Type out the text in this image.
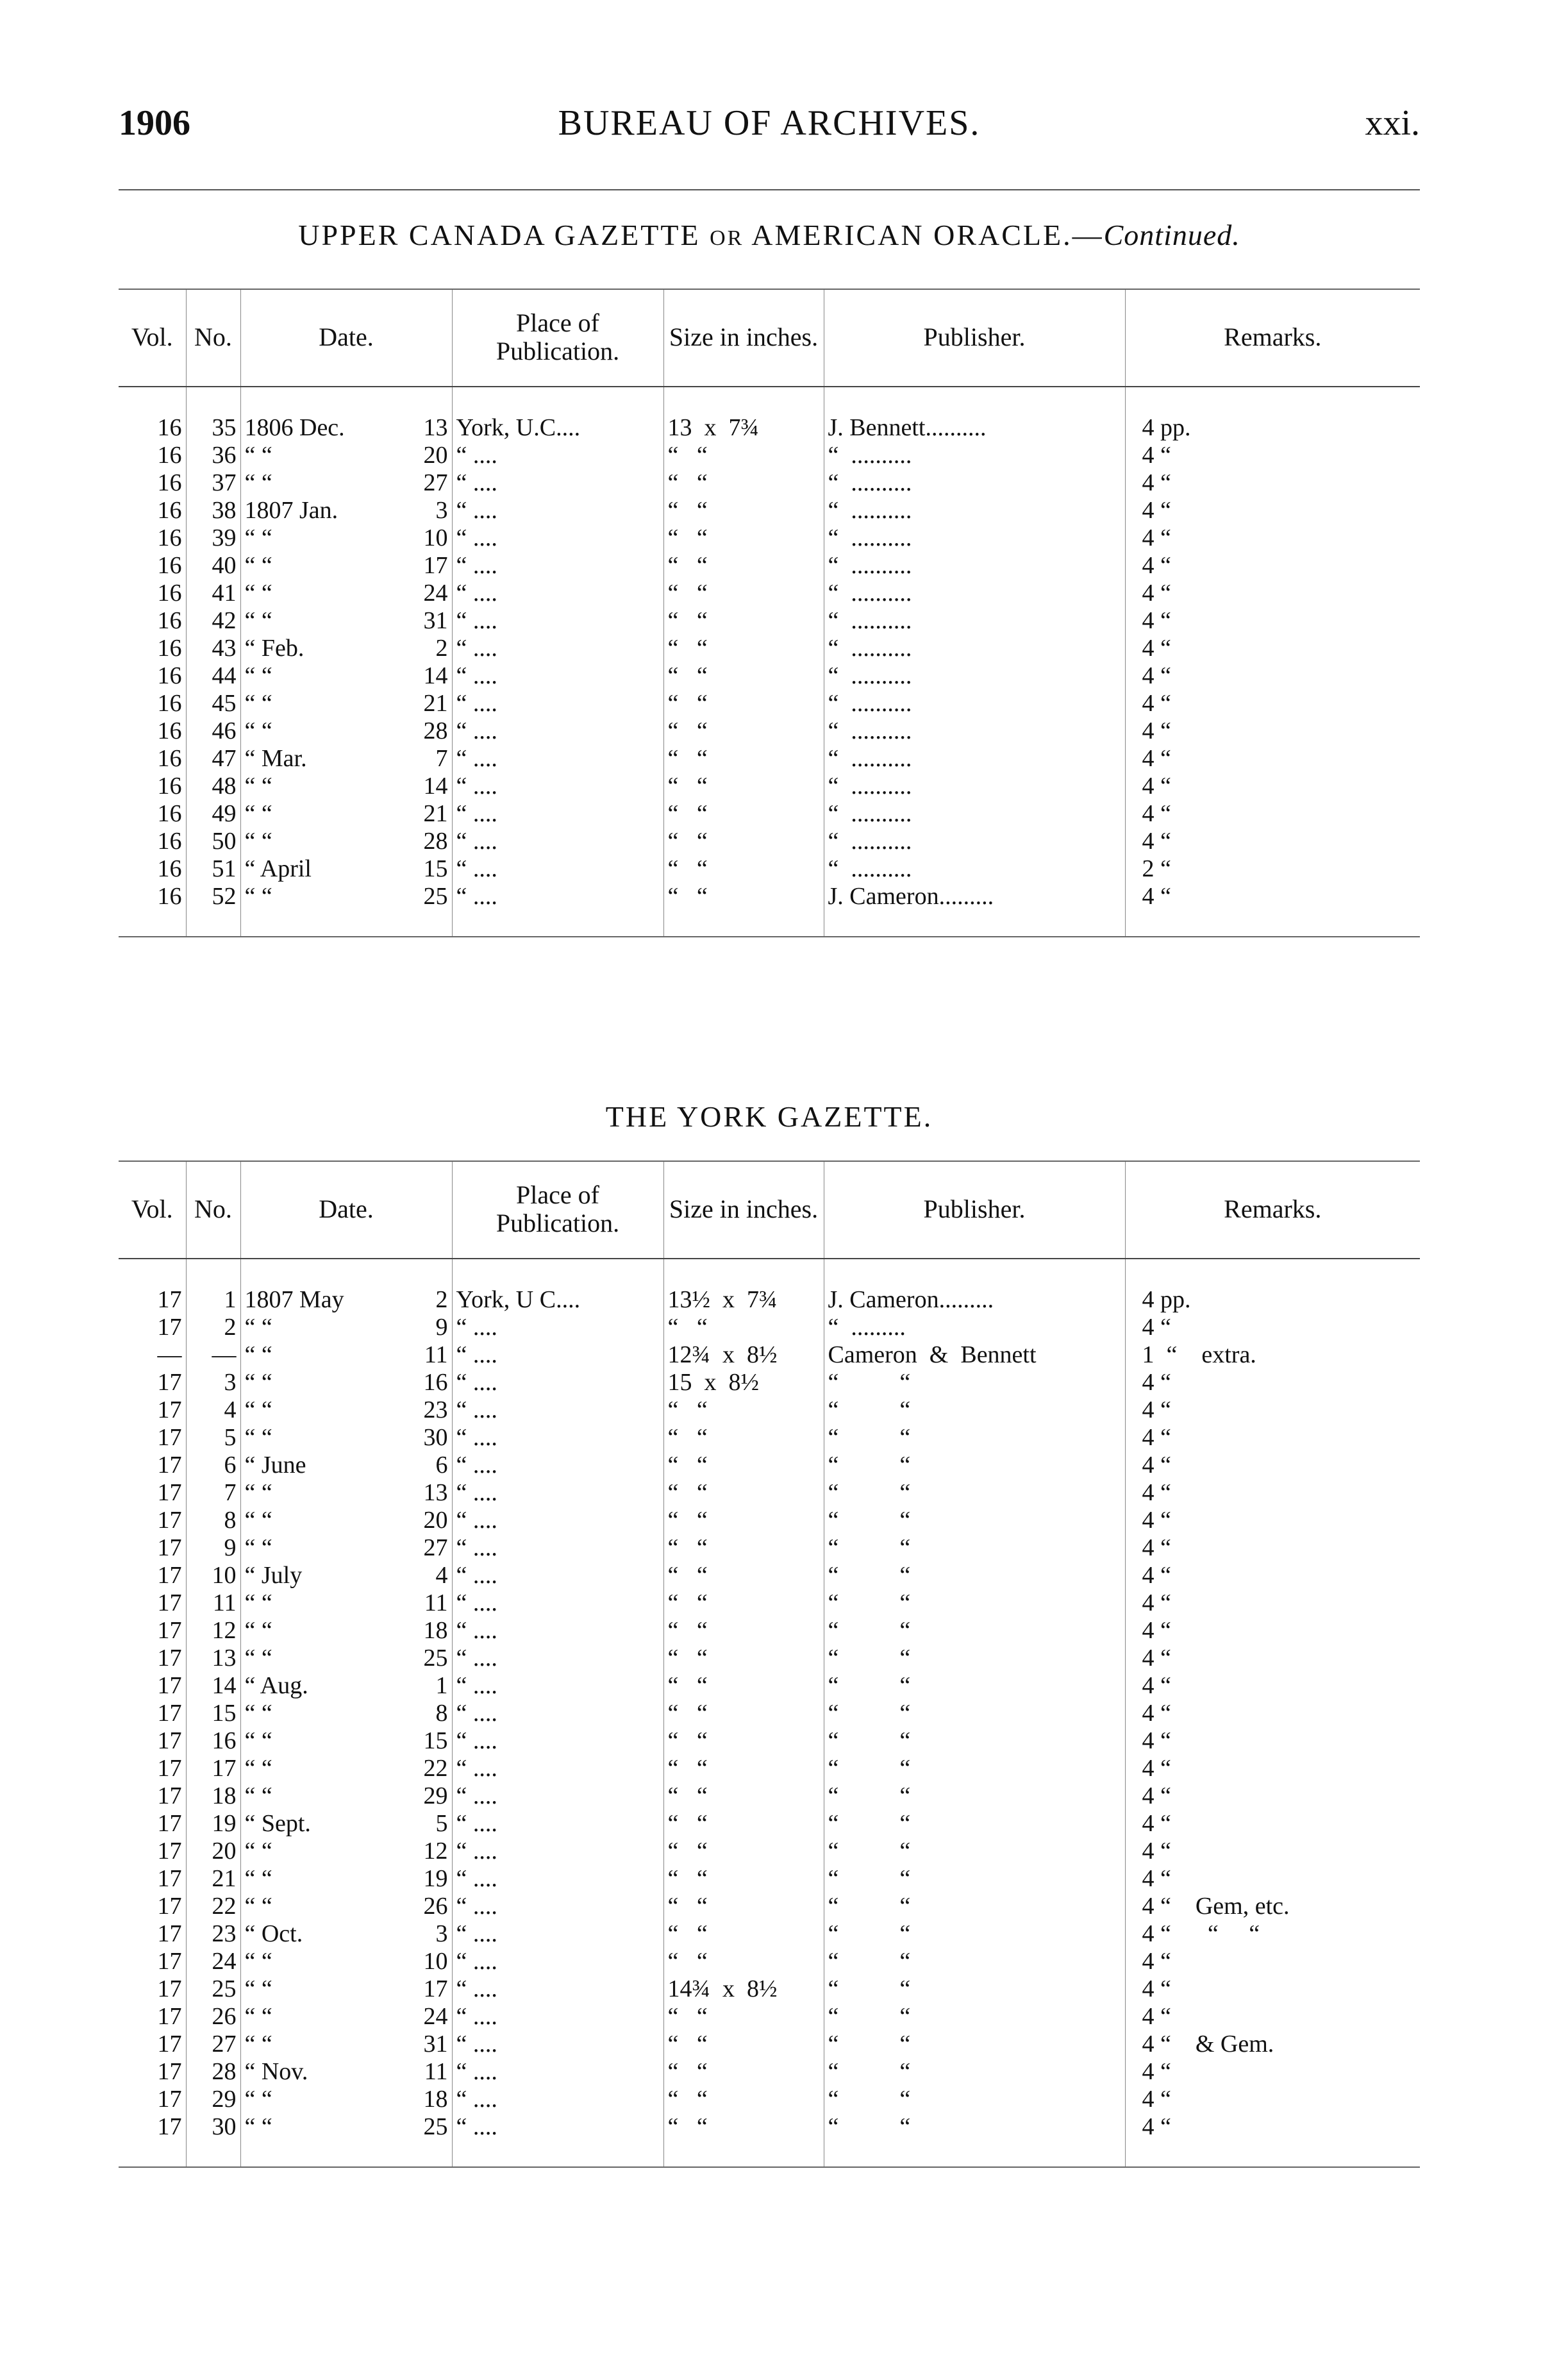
1906	BUREAU OF ARCHIVES.	xxi.
UPPER CANADA GAZETTE OR AMERICAN ORACLE.—Continued.
Vol.	No.	Date.	Place of Publication.	Size in inches.	Publisher.	Remarks.
16	35	1806 Dec. 13	York, U.C....	13  x  7¾	J. Bennett..........	4 pp.
16	36	“ “ 20	“ ....	“   “	“  ..........	4 “
16	37	“ “ 27	“ ....	“   “	“  ..........	4 “
16	38	1807 Jan. 3	“ ....	“   “	“  ..........	4 “
16	39	“ “ 10	“ ....	“   “	“  ..........	4 “
16	40	“ “ 17	“ ....	“   “	“  ..........	4 “
16	41	“ “ 24	“ ....	“   “	“  ..........	4 “
16	42	“ “ 31	“ ....	“   “	“  ..........	4 “
16	43	“ Feb. 2	“ ....	“   “	“  ..........	4 “
16	44	“ “ 14	“ ....	“   “	“  ..........	4 “
16	45	“ “ 21	“ ....	“   “	“  ..........	4 “
16	46	“ “ 28	“ ....	“   “	“  ..........	4 “
16	47	“ Mar. 7	“ ....	“   “	“  ..........	4 “
16	48	“ “ 14	“ ....	“   “	“  ..........	4 “
16	49	“ “ 21	“ ....	“   “	“  ..........	4 “
16	50	“ “ 28	“ ....	“   “	“  ..........	4 “
16	51	“ April 15	“ ....	“   “	“  ..........	2 “
16	52	“ “ 25	“ ....	“   “	J. Cameron.........	4 “
THE YORK GAZETTE.
Vol.	No.	Date.	Place of Publication.	Size in inches.	Publisher.	Remarks.
17	1	1807 May 2	York, U C....	13½  x  7¾	J. Cameron.........	4 pp.
17	2	“ “ 9	“ ....	“   “	“  .........	4 “
—	—	“ “ 11	“ ....	12¾  x  8½	Cameron  &  Bennett	1  “    extra.
17	3	“ “ 16	“ ....	15  x  8½	“          “	4 “
17	4	“ “ 23	“ ....	“   “	“          “	4 “
17	5	“ “ 30	“ ....	“   “	“          “	4 “
17	6	“ June 6	“ ....	“   “	“          “	4 “
17	7	“ “ 13	“ ....	“   “	“          “	4 “
17	8	“ “ 20	“ ....	“   “	“          “	4 “
17	9	“ “ 27	“ ....	“   “	“          “	4 “
17	10	“ July 4	“ ....	“   “	“          “	4 “
17	11	“ “ 11	“ ....	“   “	“          “	4 “
17	12	“ “ 18	“ ....	“   “	“          “	4 “
17	13	“ “ 25	“ ....	“   “	“          “	4 “
17	14	“ Aug. 1	“ ....	“   “	“          “	4 “
17	15	“ “ 8	“ ....	“   “	“          “	4 “
17	16	“ “ 15	“ ....	“   “	“          “	4 “
17	17	“ “ 22	“ ....	“   “	“          “	4 “
17	18	“ “ 29	“ ....	“   “	“          “	4 “
17	19	“ Sept. 5	“ ....	“   “	“          “	4 “
17	20	“ “ 12	“ ....	“   “	“          “	4 “
17	21	“ “ 19	“ ....	“   “	“          “	4 “
17	22	“ “ 26	“ ....	“   “	“          “	4 “    Gem, etc.
17	23	“ Oct. 3	“ ....	“   “	“          “	4 “      “     “
17	24	“ “ 10	“ ....	“   “	“          “	4 “
17	25	“ “ 17	“ ....	14¾  x  8½	“          “	4 “
17	26	“ “ 24	“ ....	“   “	“          “	4 “
17	27	“ “ 31	“ ....	“   “	“          “	4 “    & Gem.
17	28	“ Nov. 11	“ ....	“   “	“          “	4 “
17	29	“ “ 18	“ ....	“   “	“          “	4 “
17	30	“ “ 25	“ ....	“   “	“          “	4 “
